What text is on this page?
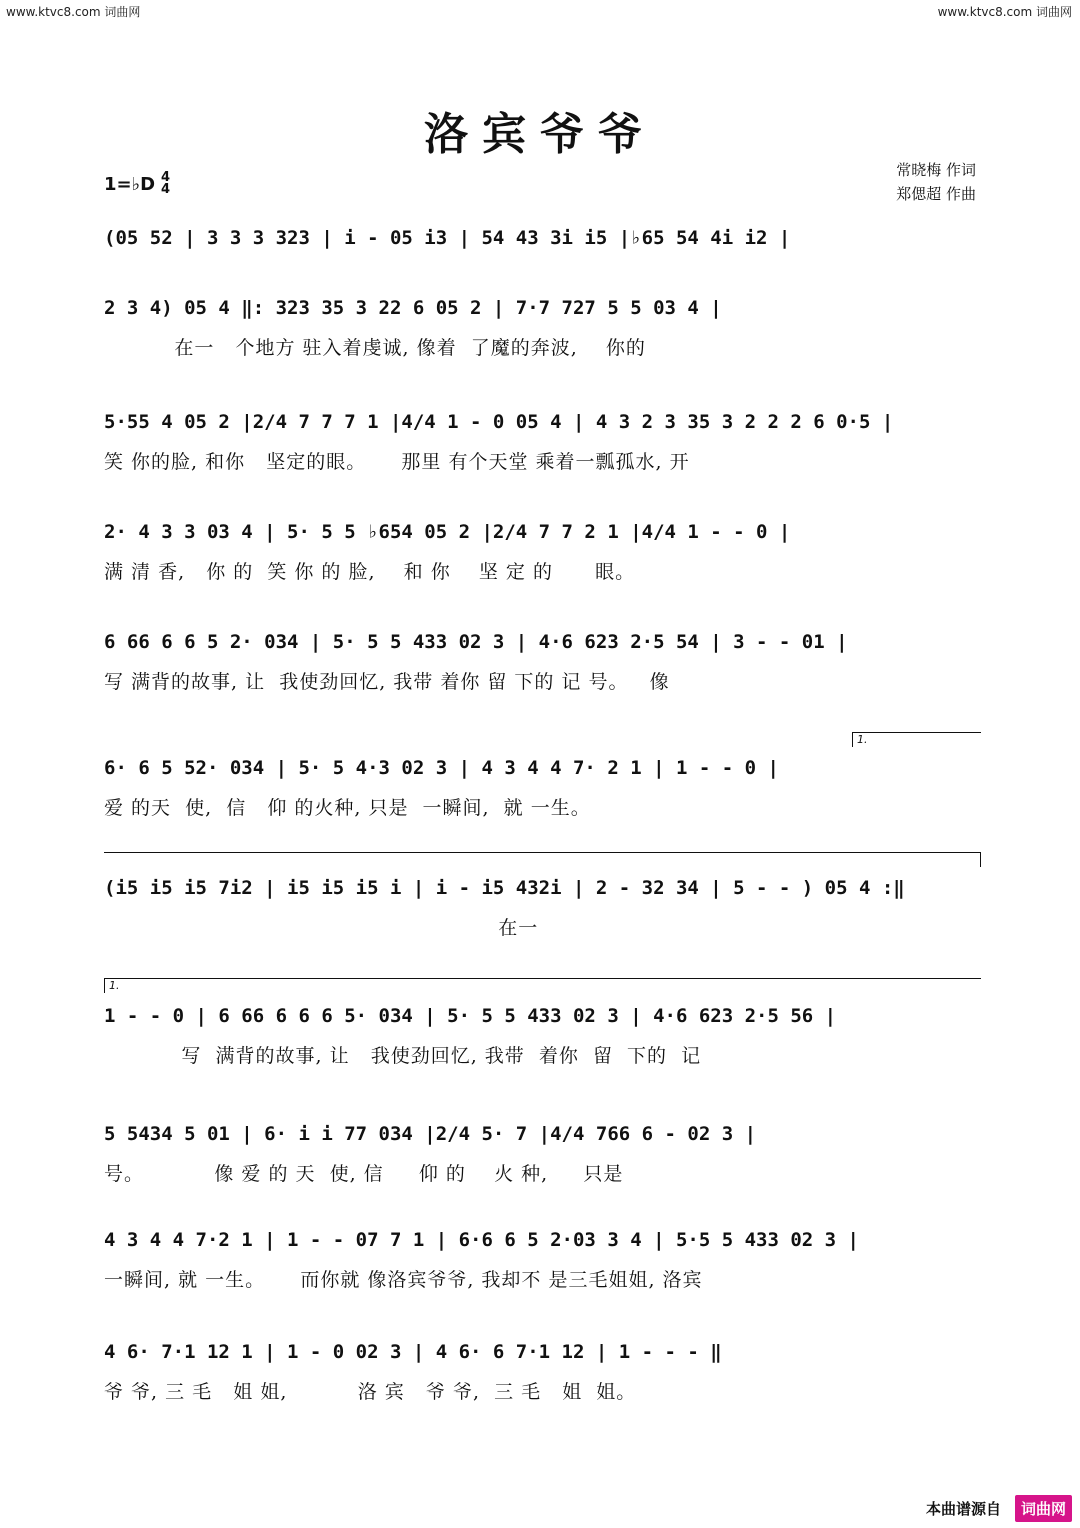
www.ktvc8.com 词曲网	www.ktvc8.com 词曲网
洛宾爷爷
1=♭D 4
4
常晓梅 作词
郑偲超 作曲
(05 52 | 3 3 3 323 | i - 05 i3 | 54 43 3i i5 |♭65 54 4i i2 |
2 3 4) 05 4 ‖: 323 35 3 22 6 05 2 | 7·7 727 5 5 03 4 |
在一   个地方 驻入着虔诚, 像着  了魔的奔波,    你的
5·55 4 05 2 |2/4 7 7 7 1 |4/4 1 - 0 05 4 | 4 3 2 3 35 3 2 2 2 6 0·5 |
笑 你的脸, 和你   坚定的眼。     那里 有个天堂 乘着一瓢孤水, 开
2· 4 3 3 03 4 | 5· 5 5 ♭654 05 2 |2/4 7 7 2 1 |4/4 1 - - 0 |
满 清 香,   你 的  笑 你 的 脸,    和 你    坚 定 的      眼。
6 66 6 6 5 2· 034 | 5· 5 5 433 02 3 | 4·6 623 2·5 54 | 3 - - 01 |
写 满背的故事, 让  我使劲回忆, 我带 着你 留 下的 记 号。   像
1.
6· 6 5 52· 034 | 5· 5 4·3 02 3 | 4 3 4 4 7· 2 1 | 1 - - 0 |
爱 的天  使,  信   仰 的火种, 只是  一瞬间,  就 一生。
(i5 i5 i5 7i2 | i5 i5 i5 i | i - i5 432i | 2 - 32 34 | 5 - - ) 05 4 :‖
在一
1.
1 - - 0 | 6 66 6 6 6 5· 034 | 5· 5 5 433 02 3 | 4·6 623 2·5 56 |
写  满背的故事, 让   我使劲回忆, 我带  着你  留  下的  记
5 5434 5 01 | 6· i i 77 034 |2/4 5· 7 |4/4 766 6 - 02 3 |
号。          像 爱 的 天  使, 信     仰 的    火 种,     只是
4 3 4 4 7·2 1 | 1 - - 07 7 1 | 6·6 6 5 2·03 3 4 | 5·5 5 433 02 3 |
一瞬间, 就 一生。     而你就 像洛宾爷爷, 我却不 是三毛姐姐, 洛宾
4 6· 7·1 12 1 | 1 - 0 02 3 | 4 6· 6 7·1 12 | 1 - - - ‖
爷 爷, 三 毛   姐 姐,          洛 宾   爷 爷,  三 毛   姐  姐。
本曲谱源自	词曲网
